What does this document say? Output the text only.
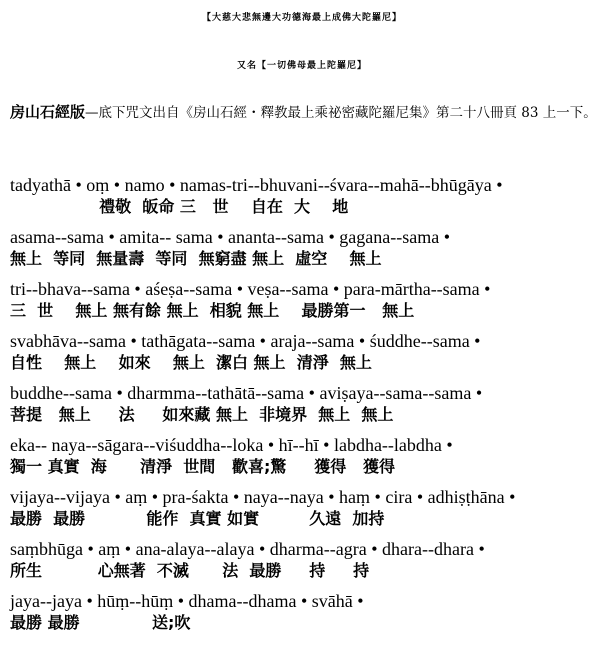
【大慈大悲無邊大功德海最上成佛大陀羅尼】
又名【一切佛母最上陀羅尼】
房山石經版—底下咒文出自《房山石經・釋教最上乘祕密藏陀羅尼集》第二十八冊頁 83 上一下。
tadyathā • oṃ • namo • namas-tri--bhuvani--śvara--mahā--bhūgāya •
禮敬  皈命 三   世    自在  大    地
asama--sama • amita-- sama • ananta--sama • gagana--sama •
無上  等同  無量壽  等同  無窮盡 無上  虛空    無上
tri--bhava--sama • aśeṣa--sama • veṣa--sama • para-mārtha--sama •
三  世    無上 無有餘 無上  相貌 無上    最勝第一   無上
svabhāva--sama • tathāgata--sama • araja--sama • śuddhe--sama •
自性    無上    如來    無上  潔白 無上  清淨  無上
buddhe--sama • dharmma--tathātā--sama • aviṣaya--sama--sama •
菩提   無上     法     如來藏 無上  非境界  無上  無上
eka-- naya--sāgara--viśuddha--loka • hī--hī • labdha--labdha •
獨一 真實  海      清淨  世間   歡喜;驚     獲得   獲得
vijaya--vijaya • aṃ • pra-śakta • naya--naya • haṃ • cira • adhiṣṭhāna •
最勝  最勝           能作  真實 如實         久遠  加持
saṃbhūga • aṃ • ana-alaya--alaya • dharma--agra • dhara--dhara •
所生          心無著  不滅      法  最勝     持     持
jaya--jaya • hūṃ--hūṃ • dhama--dhama • svāhā •
最勝 最勝             送;吹
